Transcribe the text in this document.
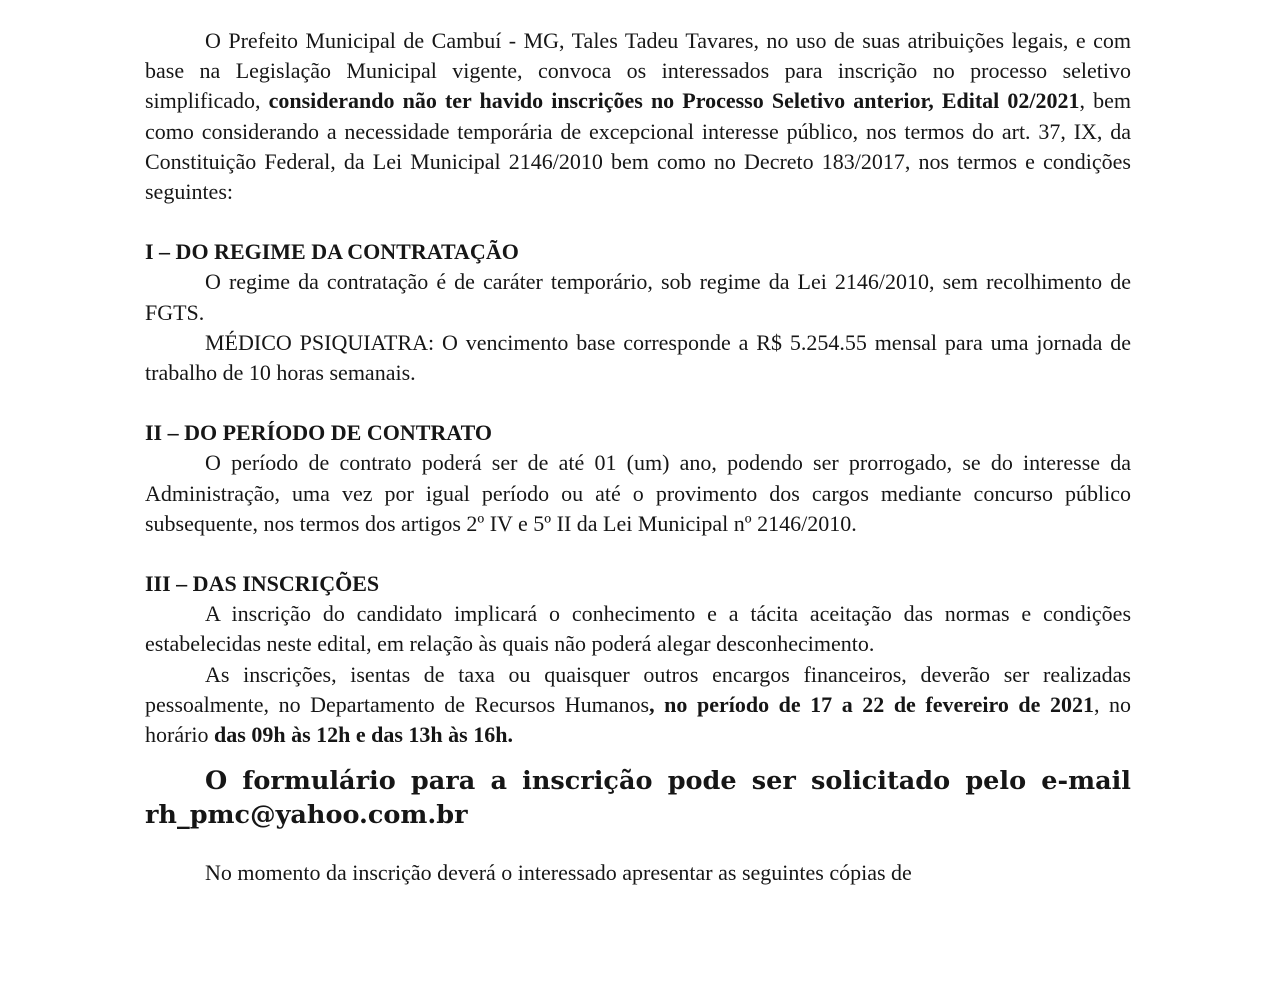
O Prefeito Municipal de Cambuí - MG, Tales Tadeu Tavares, no uso de suas atribuições legais, e com base na Legislação Municipal vigente, convoca os interessados para inscrição no processo seletivo simplificado, considerando não ter havido inscrições no Processo Seletivo anterior, Edital 02/2021, bem como considerando a necessidade temporária de excepcional interesse público, nos termos do art. 37, IX, da Constituição Federal, da Lei Municipal 2146/2010 bem como no Decreto 183/2017, nos termos e condições seguintes:

I – DO REGIME DA CONTRATAÇÃO

O regime da contratação é de caráter temporário, sob regime da Lei 2146/2010, sem recolhimento de FGTS.

MÉDICO PSIQUIATRA: O vencimento base corresponde a R$ 5.254.55 mensal para uma jornada de trabalho de 10 horas semanais.

II – DO PERÍODO DE CONTRATO

O período de contrato poderá ser de até 01 (um) ano, podendo ser prorrogado, se do interesse da Administração, uma vez por igual período ou até o provimento dos cargos mediante concurso público subsequente, nos termos dos artigos 2º IV e 5º II da Lei Municipal nº 2146/2010.

III – DAS INSCRIÇÕES

A inscrição do candidato implicará o conhecimento e a tácita aceitação das normas e condições estabelecidas neste edital, em relação às quais não poderá alegar desconhecimento.

As inscrições, isentas de taxa ou quaisquer outros encargos financeiros, deverão ser realizadas pessoalmente, no Departamento de Recursos Humanos, no período de 17 a 22 de fevereiro de 2021, no horário das 09h às 12h e das 13h às 16h.

O formulário para a inscrição pode ser solicitado pelo e-mail rh_pmc@yahoo.com.br

No momento da inscrição deverá o interessado apresentar as seguintes cópias de
